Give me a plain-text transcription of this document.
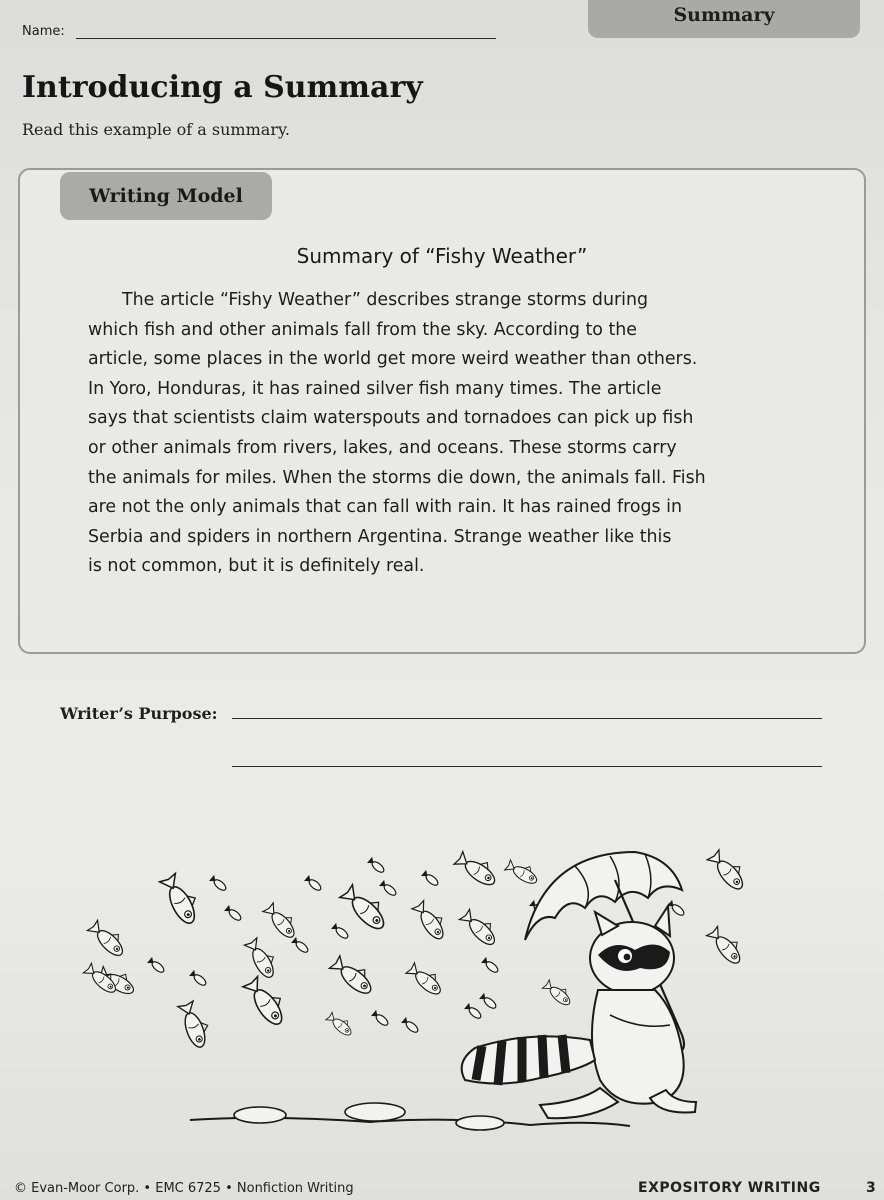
Summary
Name:
Introducing a Summary
Read this example of a summary.
Writing Model
Summary of “Fishy Weather”
The article “Fishy Weather” describes strange storms during
which fish and other animals fall from the sky. According to the
article, some places in the world get more weird weather than others.
In Yoro, Honduras, it has rained silver fish many times. The article
says that scientists claim waterspouts and tornadoes can pick up fish
or other animals from rivers, lakes, and oceans. These storms carry
the animals for miles. When the storms die down, the animals fall. Fish
are not the only animals that can fall with rain. It has rained frogs in
Serbia and spiders in northern Argentina. Strange weather like this
is not common, but it is definitely real.
Writer’s Purpose:
© Evan-Moor Corp. • EMC 6725 • Nonfiction Writing	EXPOSITORY WRITING	3
